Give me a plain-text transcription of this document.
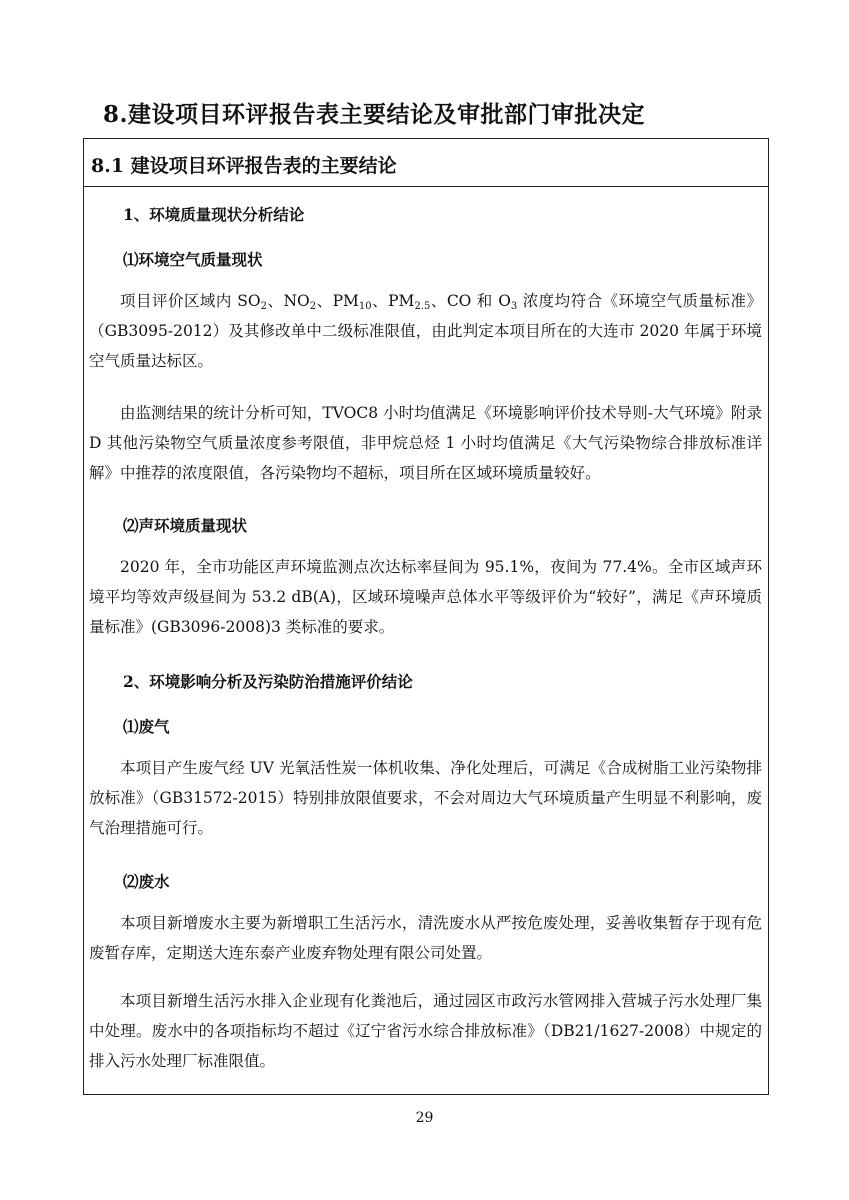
8.建设项目环评报告表主要结论及审批部门审批决定
8.1 建设项目环评报告表的主要结论
1、环境质量现状分析结论
⑴环境空气质量现状
项目评价区域内 $SO_2$、$NO_2$、$PM_{10}$、$PM_{2.5}$、CO 和 $O_3$ 浓度均符合《环境空气质量标准》（GB3095-2012）及其修改单中二级标准限值，由此判定本项目所在的大连市 2020 年属于环境空气质量达标区。
由监测结果的统计分析可知，TVOC8 小时均值满足《环境影响评价技术导则-大气环境》附录 D 其他污染物空气质量浓度参考限值，非甲烷总烃 1 小时均值满足《大气污染物综合排放标准详解》中推荐的浓度限值，各污染物均不超标，项目所在区域环境质量较好。
⑵声环境质量现状
2020 年，全市功能区声环境监测点次达标率昼间为 95.1%，夜间为 77.4%。全市区域声环境平均等效声级昼间为 53.2 dB(A)，区域环境噪声总体水平等级评价为“较好”，满足《声环境质量标准》(GB3096-2008)3 类标准的要求。
2、环境影响分析及污染防治措施评价结论
⑴废气
本项目产生废气经 UV 光氧活性炭一体机收集、净化处理后，可满足《合成树脂工业污染物排放标准》（GB31572-2015）特别排放限值要求，不会对周边大气环境质量产生明显不利影响，废气治理措施可行。
⑵废水
本项目新增废水主要为新增职工生活污水，清洗废水从严按危废处理，妥善收集暂存于现有危废暂存库，定期送大连东泰产业废弃物处理有限公司处置。
本项目新增生活污水排入企业现有化粪池后，通过园区市政污水管网排入营城子污水处理厂集中处理。废水中的各项指标均不超过《辽宁省污水综合排放标准》（DB21/1627-2008）中规定的排入污水处理厂标准限值。
29
